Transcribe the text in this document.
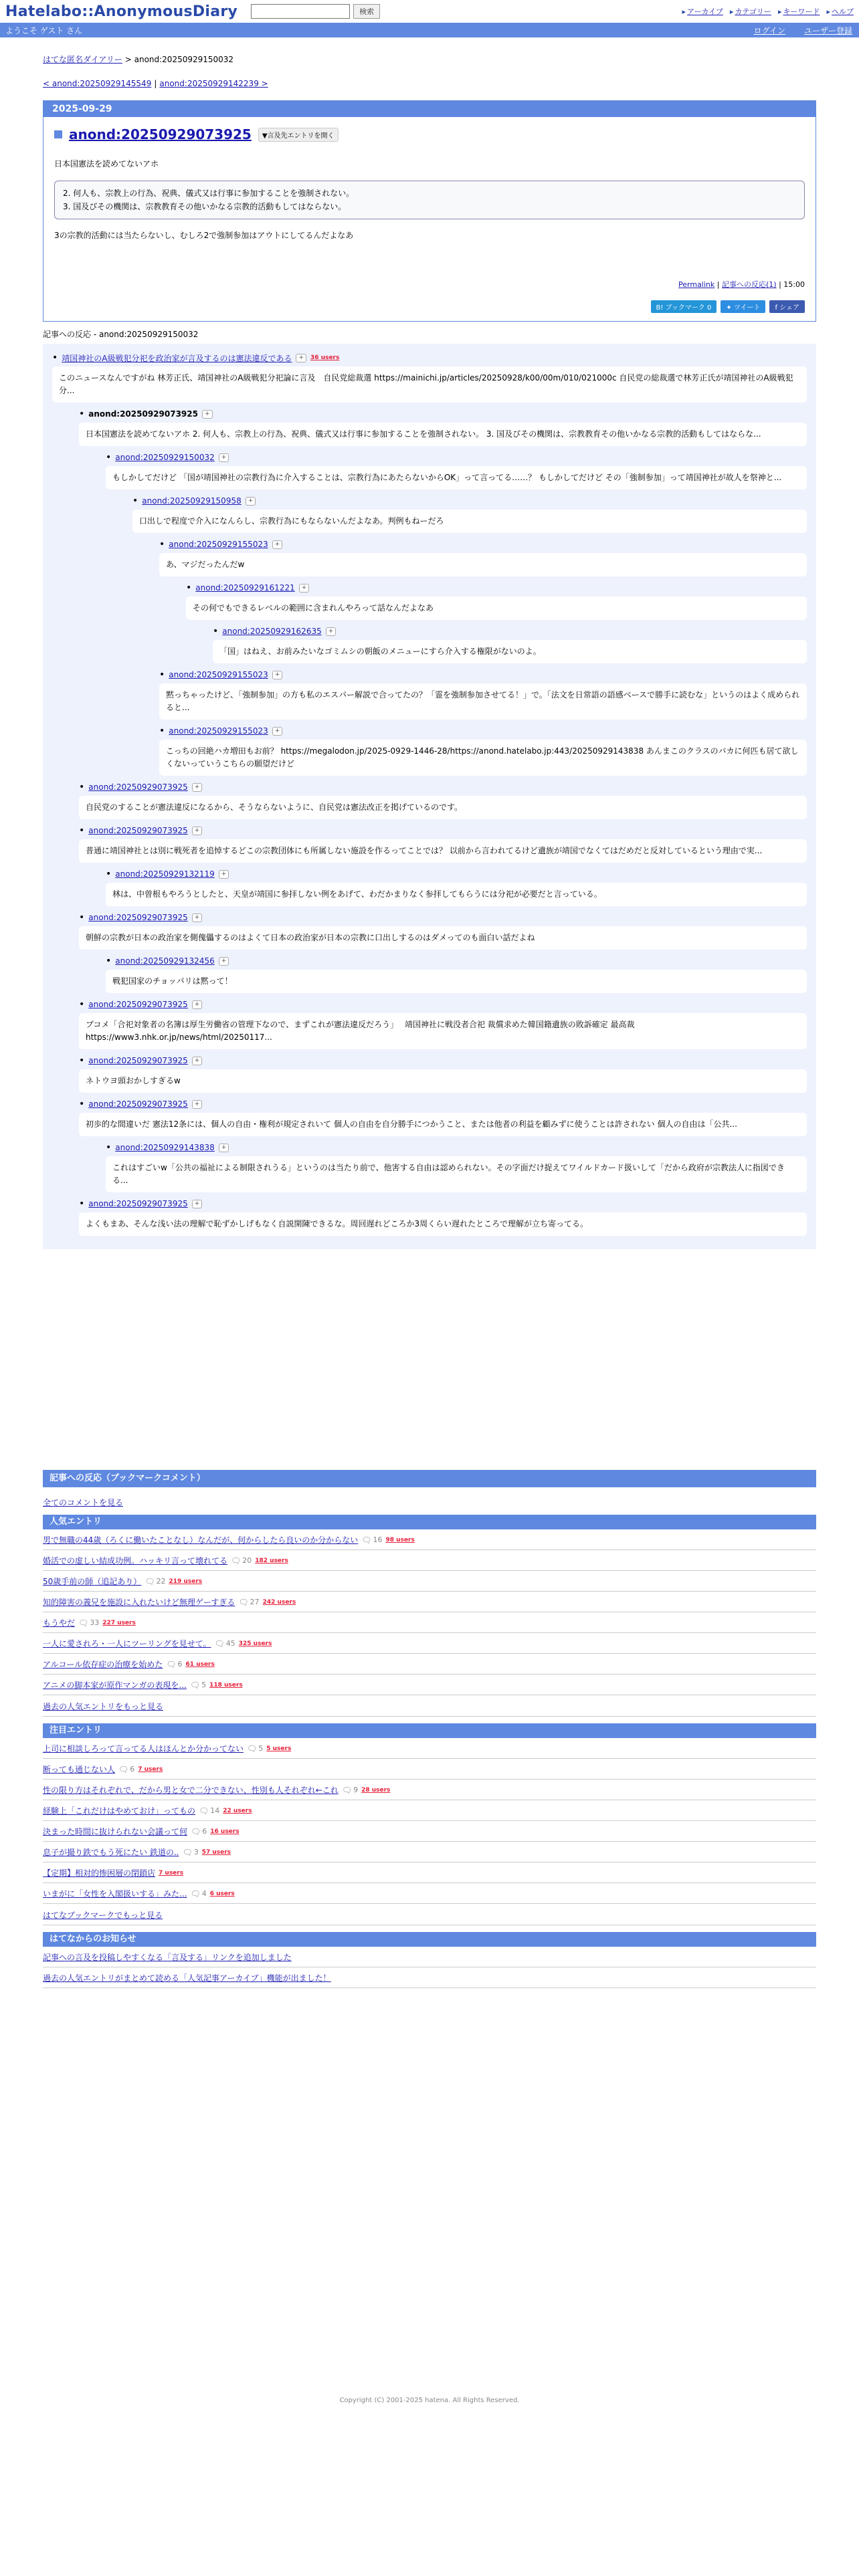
Hatelabo::AnonymousDiary	検索	▸ アーカイブ	▸ カテゴリー	▸ キーワード	▸ ヘルプ
ようこそ ゲスト さん	ログイン ユーザー登録
はてな匿名ダイアリー > anond:20250929150032
< anond:20250929145549 | anond:20250929142239 >
2025-09-29
anond:20250929073925	▼言及先エントリを開く
日本国憲法を読めてないアホ
2. 何人も、宗教上の行為、祝典、儀式又は行事に参加することを強制されない。
3. 国及びその機関は、宗教教育その他いかなる宗教的活動もしてはならない。
3の宗教的活動には当たらないし、むしろ2で強制参加はアウトにしてるんだよなあ
Permalink | 記事への反応(1) | 15:00
B! ブックマーク 0	✦ ツイート	f シェア
記事への反応 - anond:20250929150032
• 靖国神社のA級戦犯分祀を政治家が言及するのは憲法違反である	+	36 users
このニュースなんですがね 林芳正氏、靖国神社のA級戦犯分祀論に言及　自民党総裁選 https://mainichi.jp/articles/20250928/k00/00m/010/021000c 自民党の総裁選で林芳正氏が靖国神社のA級戦犯分...
• anond:20250929073925	+
日本国憲法を読めてないアホ 2. 何人も、宗教上の行為、祝典、儀式又は行事に参加することを強制されない。 3. 国及びその機関は、宗教教育その他いかなる宗教的活動もしてはならな...
• anond:20250929150032	+
もしかしてだけど 「国が靖国神社の宗教行為に介入することは、宗教行為にあたらないからOK」って言ってる……？ もしかしてだけど その「強制参加」って靖国神社が故人を祭神と...
• anond:20250929150958	+
口出しで程度で介入になんらし、宗教行為にもならないんだよなあ。判例もねーだろ
• anond:20250929155023	+
あ、マジだったんだw
• anond:20250929161221	+
その何でもできるレベルの範囲に含まれんやろって話なんだよなあ
• anond:20250929162635	+
「国」はねえ、お前みたいなゴミムシの朝飯のメニューにすら介入する権限がないのよ。
• anond:20250929155023	+
黙っちゃったけど、「強制参加」の方も私のエスパー解説で合ってたの？「霊を強制参加させてる！」で。「法文を日常語の語感ベースで勝手に読むな」というのはよく成められると...
• anond:20250929155023	+
こっちの回絶ハカ増田もお前？ https://megalodon.jp/2025-0929-1446-28/https://anond.hatelabo.jp:443/20250929143838 あんまこのクラスのバカに何匹も居て欲しくないっていうこちらの願望だけど
• anond:20250929073925	+
自民党のすることが憲法違反になるから、そうならないように、自民党は憲法改正を掲げているのです。
• anond:20250929073925	+
普通に靖国神社とは別に戦死者を追悼するどこの宗教団体にも所属しない施設を作るってことでは？ 以前から言われてるけど遺族が靖国でなくてはだめだと反対しているという理由で実...
• anond:20250929132119	+
林は、中曽根もやろうとしたと、天皇が靖国に参拝しない例をあげて、わだかまりなく参拝してもらうには分祀が必要だと言っている。
• anond:20250929073925	+
朝鮮の宗教が日本の政治家を側傀儡するのはよくて日本の政治家が日本の宗教に口出しするのはダメってのも面白い話だよね
• anond:20250929132456	+
戦犯国家のチョッパリは黙って！
• anond:20250929073925	+
ブコメ「合祀対象者の名簿は厚生労働省の管理下なので、まずこれが憲法違反だろう」　 靖国神社に戦没者合祀 裁償求めた韓国籍遺族の敗訴確定 最高裁 https://www3.nhk.or.jp/news/html/20250117...
• anond:20250929073925	+
ネトウヨ頭おかしすぎるw
• anond:20250929073925	+
初歩的な間違いだ 憲法12条には、個人の自由・権利が規定されいて 個人の自由を自分勝手につかうこと、または他者の利益を顧みずに使うことは許されない 個人の自由は「公共...
• anond:20250929143838	+
これはすごいw「公共の福祉による制限されうる」というのは当たり前で、他害する自由は認められない。その字面だけ捉えてワイルドカード扱いして「だから政府が宗教法人に指図できる...
• anond:20250929073925	+
よくもまあ、そんな浅い法の理解で恥ずかしげもなく自説開陳できるな。周回遅れどころか3周くらい遅れたところで理解が立ち寄ってる。
記事への反応（ブックマークコメント）
全てのコメントを見る
人気エントリ
男で無職の44歳（ろくに働いたことなし）なんだが、何からしたら良いのか分からない 🗨 16 98 users
婚活での虚しい結成功例。ハッキリ言って壊れてる 🗨 20 182 users
50歳手前の師（追記あり） 🗨 22 219 users
知的障害の義兄を施設に入れたいけど無理ゲーすぎる 🗨 27 242 users
もうやだ 🗨 33 227 users
一人に愛されろ・一人にツーリングを見せて。 🗨 45 325 users
アルコール依存症の治療を始めた 🗨 6 61 users
アニメの脚本家が原作マンガの表現を... 🗨 5 118 users
過去の人気エントリをもっと見る
注目エントリ
上司に相談しろって言ってる人はほんとか分かってない 🗨 5 5 users
断っても通じない人 🗨 6 7 users
性の限り方はそれぞれで、だから男と女で二分できない、性別も人それぞれ←これ 🗨 9 28 users
経験上「これだけはやめておけ」ってもの 🗨 14 22 users
決まった時間に抜けられない会議って何 🗨 6 16 users
息子が撮り鉄でもう死にたい 鉄道の.. 🗨 3 57 users
【定期】相対的惨困層の閉鎖店 7 users
いまがに「女性を入閣扱いする」みた... 🗨 4 6 users
はてなブックマークでもっと見る
はてなからのお知らせ
記事への言及を投稿しやすくなる「言及する」リンクを追加しました
過去の人気エントリがまとめて読める「人気記事アーカイブ」機能が出ました！
Copyright (C) 2001-2025 hatena. All Rights Reserved.
